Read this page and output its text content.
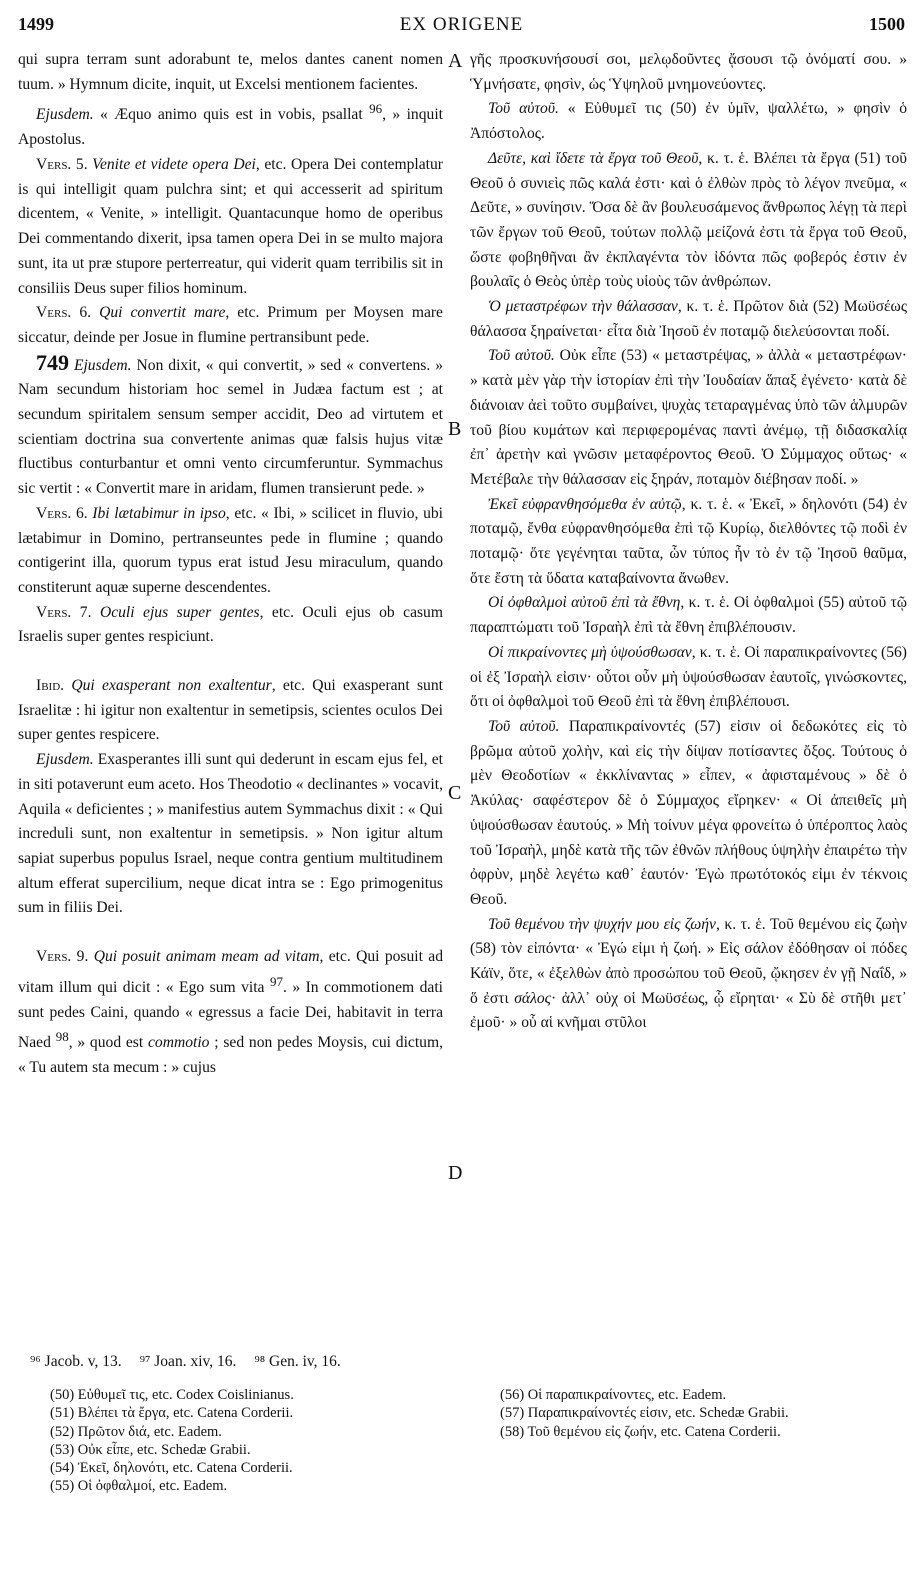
1499	EX ORIGENE	1500

qui supra terram sunt adorabunt te, melos dantes canent nomen tuum. » Hymnum dicite, inquit, ut Excelsi mentionem facientes.

Ejusdem. « Æquo animo quis est in vobis, psallat $^{96}$, » inquit Apostolus.

Vers. 5. Venite et videte opera Dei, etc. Opera Dei contemplatur is qui intelligit quam pulchra sint; et qui accesserit ad spiritum dicentem, « Venite, » intelligit. Quantacunque homo de operibus Dei commentando dixerit, ipsa tamen opera Dei in se multo majora sunt, ita ut præ stupore perterreatur, qui viderit quam terribilis sit in consiliis Deus super filios hominum.

Vers. 6. Qui convertit mare, etc. Primum per Moysen mare siccatur, deinde per Josue in flumine pertransibunt pede.

749 Ejusdem. Non dixit, « qui convertit, » sed « convertens. » Nam secundum historiam hoc semel in Judæa factum est ; at secundum spiritalem sensum semper accidit, Deo ad virtutem et scientiam doctrina sua convertente animas quæ falsis hujus vitæ fluctibus conturbantur et omni vento circumferuntur. Symmachus sic vertit : « Convertit mare in aridam, flumen transierunt pede. »

Vers. 6. Ibi lætabimur in ipso, etc. « Ibi, » scilicet in fluvio, ubi lætabimur in Domino, pertranseuntes pede in flumine ; quando contigerint illa, quorum typus erat istud Jesu miraculum, quando constiterunt aquæ superne descendentes.

Vers. 7. Oculi ejus super gentes, etc. Oculi ejus ob casum Israelis super gentes respiciunt.

Ibid. Qui exasperant non exaltentur, etc. Qui exasperant sunt Israelitæ : hi igitur non exaltentur in semetipsis, scientes oculos Dei super gentes respicere.

Ejusdem. Exasperantes illi sunt qui dederunt in escam ejus fel, et in siti potaverunt eum aceto. Hos Theodotio « declinantes » vocavit, Aquila « deficientes ; » manifestius autem Symmachus dixit : « Qui increduli sunt, non exaltentur in semetipsis. » Non igitur altum sapiat superbus populus Israel, neque contra gentium multitudinem altum efferat supercilium, neque dicat intra se : Ego primogenitus sum in filiis Dei.

Vers. 9. Qui posuit animam meam ad vitam, etc. Qui posuit ad vitam illum qui dicit : « Ego sum vita $^{97}$. » In commotionem dati sunt pedes Caini, quando « egressus a facie Dei, habitavit in terra Naed $^{98}$, » quod est commotio ; sed non pedes Moysis, cui dictum, « Tu autem sta mecum : » cujus

γῆς προσκυνήσουσί σοι, μελῳδοῦντες ᾄσουσι τῷ ὀνόματί σου. » Ὑμνήσατε, φησὶν, ὡς Ὑψηλοῦ μνημονεύοντες.

Τοῦ αὐτοῦ. « Εὐθυμεῖ τις (50) ἐν ὑμῖν, ψαλλέτω, » φησὶν ὁ Ἀπόστολος.

Δεῦτε, καὶ ἴδετε τὰ ἔργα τοῦ Θεοῦ, κ. τ. ἑ. Βλέπει τὰ ἔργα (51) τοῦ Θεοῦ ὁ συνιεὶς πῶς καλά ἐστι· καὶ ὁ ἐλθὼν πρὸς τὸ λέγον πνεῦμα, « Δεῦτε, » συνίησιν. Ὅσα δὲ ἂν βουλευσάμενος ἄνθρωπος λέγῃ τὰ περὶ τῶν ἔργων τοῦ Θεοῦ, τούτων πολλῷ μείζονά ἐστι τὰ ἔργα τοῦ Θεοῦ, ὥστε φοβηθῆναι ἂν ἐκπλαγέντα τὸν ἰδόντα πῶς φοβερός ἐστιν ἐν βουλαῖς ὁ Θεὸς ὑπὲρ τοὺς υἱοὺς τῶν ἀνθρώπων.

Ὁ μεταστρέφων τὴν θάλασσαν, κ. τ. ἑ. Πρῶτον διὰ (52) Μωϋσέως θάλασσα ξηραίνεται· εἶτα διὰ Ἰησοῦ ἐν ποταμῷ διελεύσονται ποδί.

Τοῦ αὐτοῦ. Οὐκ εἶπε (53) « μεταστρέψας, » ἀλλὰ « μεταστρέφων· » κατὰ μὲν γὰρ τὴν ἱστορίαν ἐπὶ τὴν Ἰουδαίαν ἅπαξ ἐγένετο· κατὰ δὲ διάνοιαν ἀεὶ τοῦτο συμβαίνει, ψυχὰς τεταραγμένας ὑπὸ τῶν ἁλμυρῶν τοῦ βίου κυμάτων καὶ περιφερομένας παντὶ ἀνέμῳ, τῇ διδασκαλίᾳ ἐπ᾽ ἀρετὴν καὶ γνῶσιν μεταφέροντος Θεοῦ. Ὁ Σύμμαχος οὕτως· « Μετέβαλε τὴν θάλασσαν εἰς ξηράν, ποταμὸν διέβησαν ποδί. »

Ἐκεῖ εὐφρανθησόμεθα ἐν αὐτῷ, κ. τ. ἑ. « Ἐκεῖ, » δηλονότι (54) ἐν ποταμῷ, ἔνθα εὐφρανθησόμεθα ἐπὶ τῷ Κυρίῳ, διελθόντες τῷ ποδὶ ἐν ποταμῷ· ὅτε γεγένηται ταῦτα, ὧν τύπος ἦν τὸ ἐν τῷ Ἰησοῦ θαῦμα, ὅτε ἔστη τὰ ὕδατα καταβαίνοντα ἄνωθεν.

Οἱ ὀφθαλμοὶ αὐτοῦ ἐπὶ τὰ ἔθνη, κ. τ. ἑ. Οἱ ὀφθαλμοὶ (55) αὐτοῦ τῷ παραπτώματι τοῦ Ἰσραὴλ ἐπὶ τὰ ἔθνη ἐπιβλέπουσιν.

Οἱ πικραίνοντες μὴ ὑψούσθωσαν, κ. τ. ἑ. Οἱ παραπικραίνοντες (56) οἱ ἐξ Ἰσραὴλ εἰσιν· οὗτοι οὖν μὴ ὑψούσθωσαν ἑαυτοῖς, γινώσκοντες, ὅτι οἱ ὀφθαλμοὶ τοῦ Θεοῦ ἐπὶ τὰ ἔθνη ἐπιβλέπουσι.

Τοῦ αὐτοῦ. Παραπικραίνοντές (57) εἰσιν οἱ δεδωκότες εἰς τὸ βρῶμα αὐτοῦ χολὴν, καὶ εἰς τὴν δίψαν ποτίσαντες ὄξος. Τούτους ὁ μὲν Θεοδοτίων « ἐκκλίναντας » εἶπεν, « ἀφισταμένους » δὲ ὁ Ἀκύλας· σαφέστερον δὲ ὁ Σύμμαχος εἴρηκεν· « Οἱ ἀπειθεῖς μὴ ὑψούσθωσαν ἑαυτούς. » Μὴ τοίνυν μέγα φρονείτω ὁ ὑπέροπτος λαὸς τοῦ Ἰσραὴλ, μηδὲ κατὰ τῆς τῶν ἐθνῶν πλήθους ὑψηλὴν ἐπαιρέτω τὴν ὀφρὺν, μηδὲ λεγέτω καθ᾽ ἑαυτόν· Ἐγὼ πρωτότοκός εἰμι ἐν τέκνοις Θεοῦ.

Τοῦ θεμένου τὴν ψυχήν μου εἰς ζωήν, κ. τ. ἑ. Τοῦ θεμένου εἰς ζωὴν (58) τὸν εἰπόντα· « Ἐγώ εἰμι ἡ ζωή. » Εἰς σάλον ἐδόθησαν οἱ πόδες Κάϊν, ὅτε, « ἐξελθὼν ἀπὸ προσώπου τοῦ Θεοῦ, ᾤκησεν ἐν γῇ Ναΐδ, » ὅ ἐστι σάλος· ἀλλ᾽ οὐχ οἱ Μωϋσέως, ᾧ εἴρηται· « Σὺ δὲ στῆθι μετ᾽ ἐμοῦ· » οὗ αἱ κνῆμαι στῦλοι

A
B
C
D
⁹⁶ Jacob. v, 13. ⁹⁷ Joan. xiv, 16. ⁹⁸ Gen. iv, 16.
(50) Εὐθυμεῖ τις, etc. Codex Coislinianus.
(51) Βλέπει τὰ ἔργα, etc. Catena Corderii.
(52) Πρῶτον διά, etc. Eadem.
(53) Οὐκ εἶπε, etc. Schedæ Grabii.
(54) Ἐκεῖ, δηλονότι, etc. Catena Corderii.
(55) Οἱ ὀφθαλμοί, etc. Eadem.
(56) Οἱ παραπικραίνοντες, etc. Eadem.
(57) Παραπικραίνοντές εἰσιν, etc. Schedæ Grabii.
(58) Τοῦ θεμένου εἰς ζωήν, etc. Catena Corderii.
